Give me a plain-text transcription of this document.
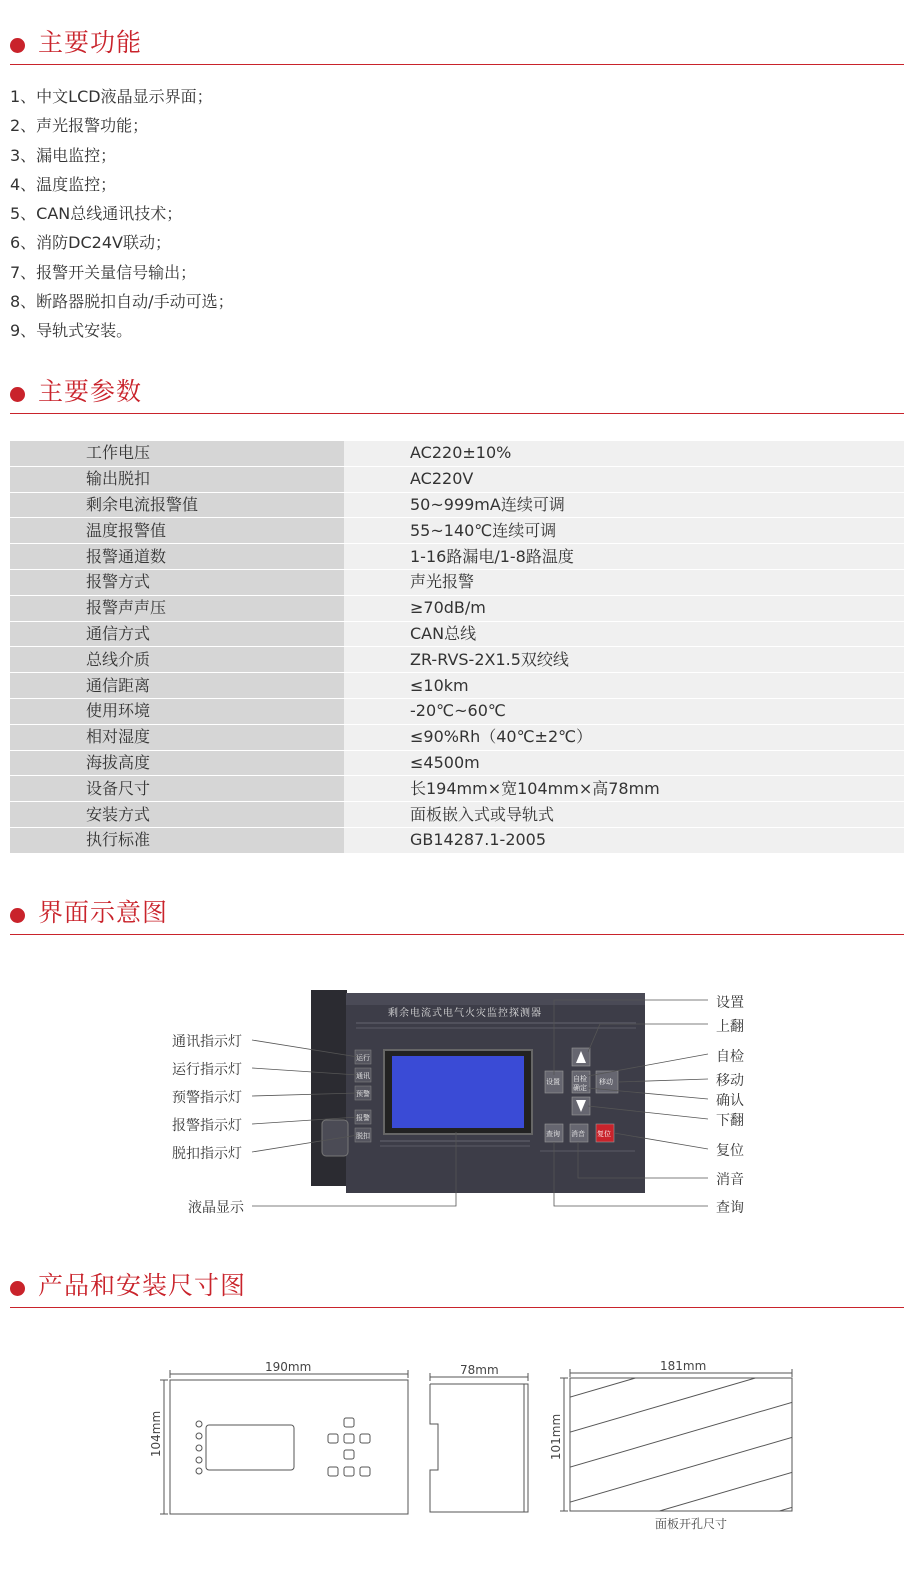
主要功能
1、中文LCD液晶显示界面；
2、声光报警功能；
3、漏电监控；
4、温度监控；
5、CAN总线通讯技术；
6、消防DC24V联动；
7、报警开关量信号输出；
8、断路器脱扣自动/手动可选；
9、导轨式安装。
主要参数
工作电压	AC220±10%
输出脱扣	AC220V
剩余电流报警值	50~999mA连续可调
温度报警值	55~140℃连续可调
报警通道数	1-16路漏电/1-8路温度
报警方式	声光报警
报警声声压	≥70dB/m
通信方式	CAN总线
总线介质	ZR-RVS-2X1.5双绞线
通信距离	≤10km
使用环境	-20℃~60℃
相对湿度	≤90%Rh（40℃±2℃）
海拔高度	≤4500m
设备尺寸	长194mm×宽104mm×高78mm
安装方式	面板嵌入式或导轨式
执行标准	GB14287.1-2005
界面示意图
剩余电流式电气火灾监控探测器
运行
通讯
预警
报警
脱扣
设置 自检
确定
移动
查询 消音 复位
通讯指示灯
运行指示灯
预警指示灯
报警指示灯
脱扣指示灯
液晶显示
设置
上翻
自检
移动
确认
下翻
复位
消音
查询
产品和安装尺寸图
190mm
104mm
78mm	181mm
101mm
面板开孔尺寸
